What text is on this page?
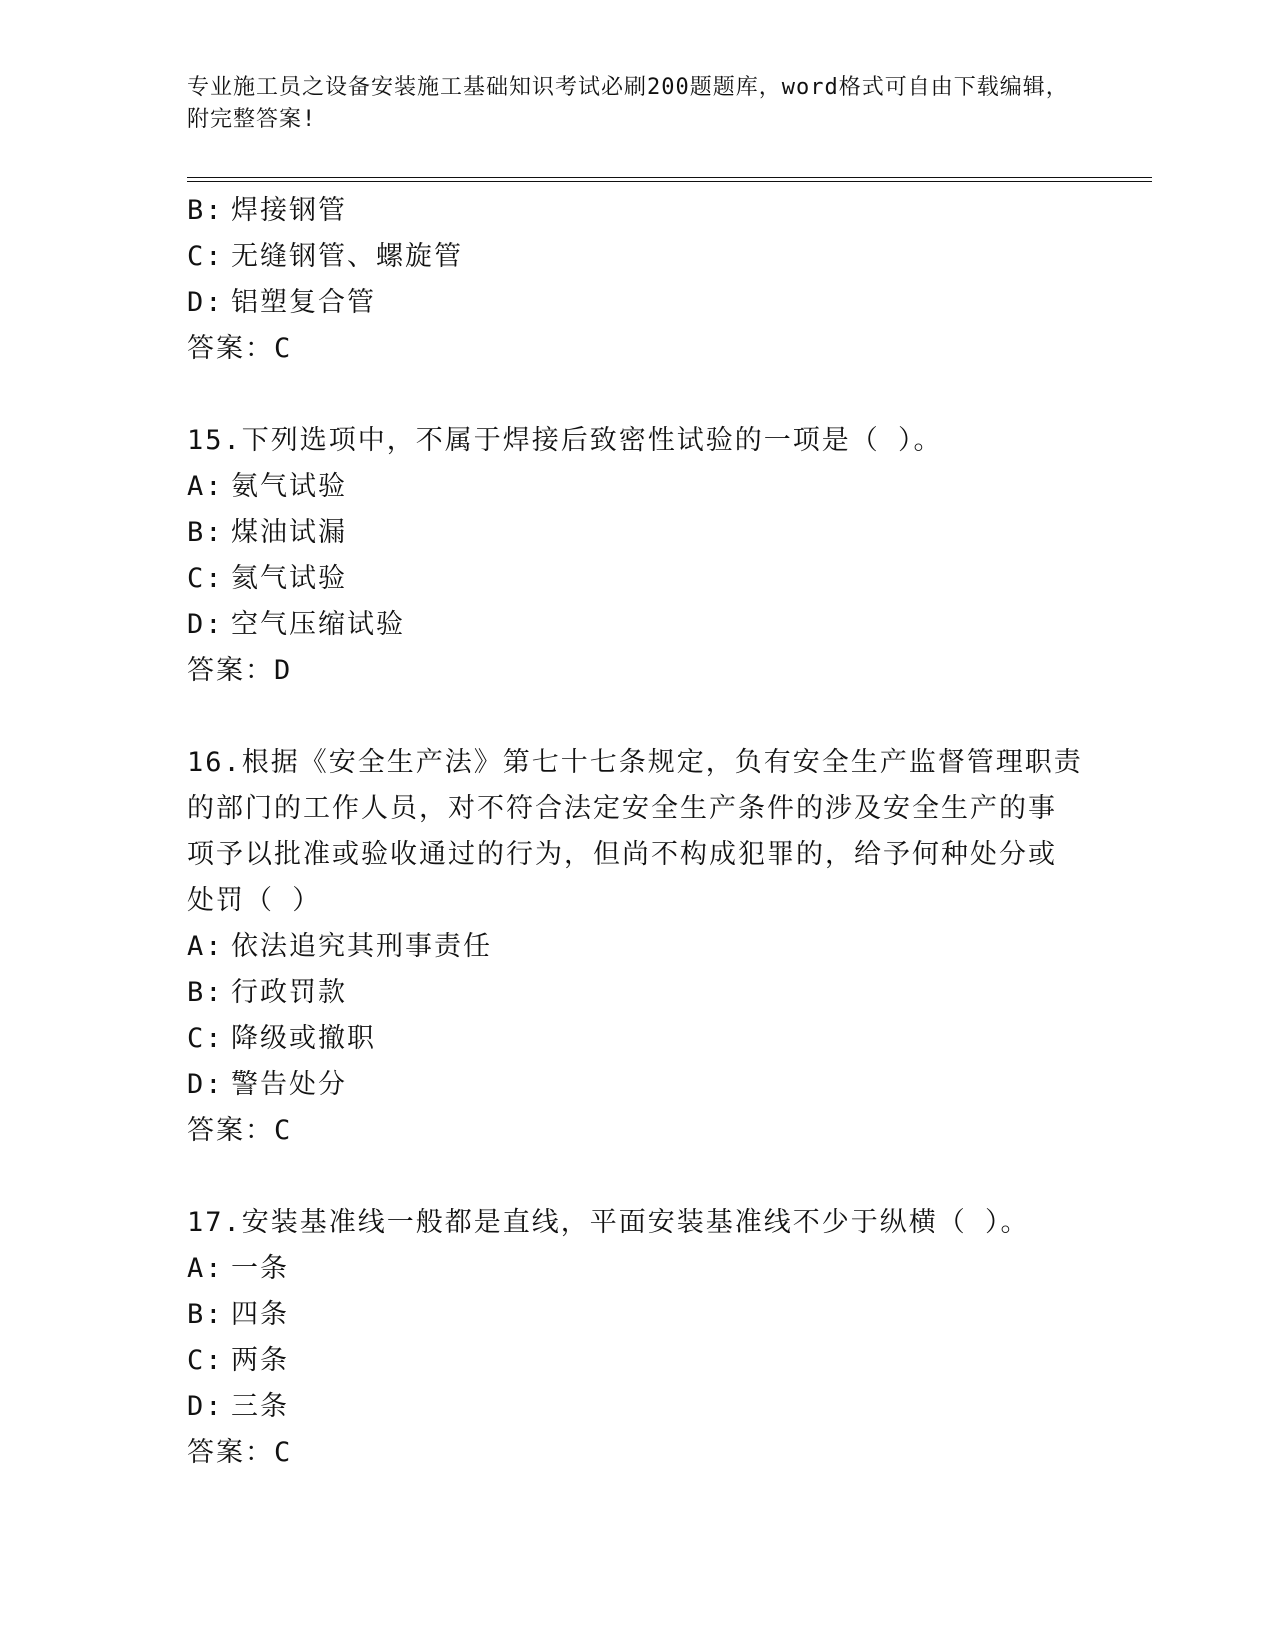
专业施工员之设备安装施工基础知识考试必刷200题题库，word格式可自由下载编辑，附完整答案!
B: 焊接钢管
C: 无缝钢管、螺旋管
D: 铝塑复合管
答案：C
15.下列选项中，不属于焊接后致密性试验的一项是（ ）。
A: 氨气试验
B: 煤油试漏
C: 氦气试验
D: 空气压缩试验
答案：D
16.根据《安全生产法》第七十七条规定，负有安全生产监督管理职责
的部门的工作人员，对不符合法定安全生产条件的涉及安全生产的事
项予以批准或验收通过的行为，但尚不构成犯罪的，给予何种处分或
处罚（ ）
A: 依法追究其刑事责任
B: 行政罚款
C: 降级或撤职
D: 警告处分
答案：C
17.安装基准线一般都是直线，平面安装基准线不少于纵横（ ）。
A: 一条
B: 四条
C: 两条
D: 三条
答案：C
